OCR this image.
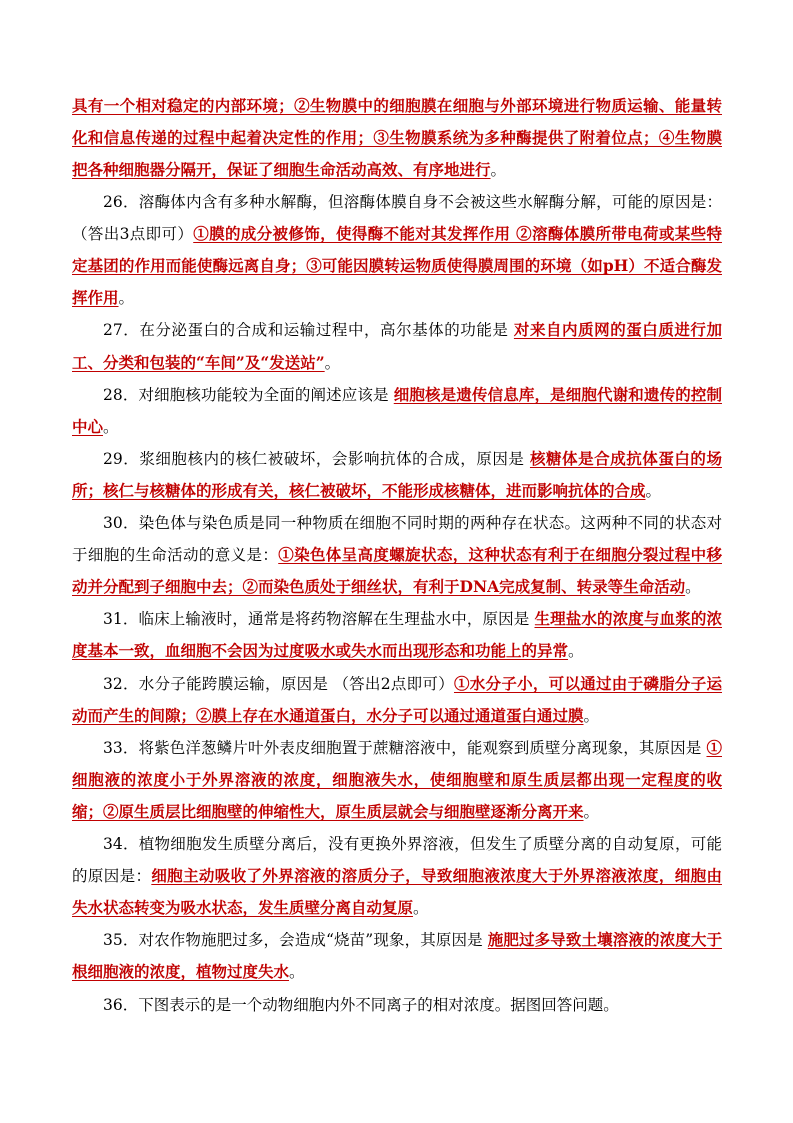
具有一个相对稳定的内部环境；②生物膜中的细胞膜在细胞与外部环境进行物质运输、能量转化和信息传递的过程中起着决定性的作用；③生物膜系统为多种酶提供了附着位点；④生物膜把各种细胞器分隔开，保证了细胞生命活动高效、有序地进行。

26．溶酶体内含有多种水解酶，但溶酶体膜自身不会被这些水解酶分解，可能的原因是：（答出3点即可）①膜的成分被修饰，使得酶不能对其发挥作用 ②溶酶体膜所带电荷或某些特定基团的作用而能使酶远离自身；③可能因膜转运物质使得膜周围的环境（如pH）不适合酶发挥作用。

27．在分泌蛋白的合成和运输过程中，高尔基体的功能是 对来自内质网的蛋白质进行加工、分类和包装的“车间”及“发送站”。

28．对细胞核功能较为全面的阐述应该是 细胞核是遗传信息库，是细胞代谢和遗传的控制中心。

29．浆细胞核内的核仁被破坏，会影响抗体的合成，原因是 核糖体是合成抗体蛋白的场所；核仁与核糖体的形成有关，核仁被破坏，不能形成核糖体，进而影响抗体的合成。

30．染色体与染色质是同一种物质在细胞不同时期的两种存在状态。这两种不同的状态对于细胞的生命活动的意义是：①染色体呈高度螺旋状态，这种状态有利于在细胞分裂过程中移动并分配到子细胞中去；②而染色质处于细丝状，有利于DNA完成复制、转录等生命活动。

31．临床上输液时，通常是将药物溶解在生理盐水中，原因是 生理盐水的浓度与血浆的浓度基本一致，血细胞不会因为过度吸水或失水而出现形态和功能上的异常。

32．水分子能跨膜运输，原因是 （答出2点即可）①水分子小，可以通过由于磷脂分子运动而产生的间隙；②膜上存在水通道蛋白，水分子可以通过通道蛋白通过膜。

33．将紫色洋葱鳞片叶外表皮细胞置于蔗糖溶液中，能观察到质壁分离现象，其原因是 ①细胞液的浓度小于外界溶液的浓度，细胞液失水，使细胞壁和原生质层都出现一定程度的收缩；②原生质层比细胞壁的伸缩性大，原生质层就会与细胞壁逐渐分离开来。

34．植物细胞发生质壁分离后，没有更换外界溶液，但发生了质壁分离的自动复原，可能的原因是：细胞主动吸收了外界溶液的溶质分子，导致细胞液浓度大于外界溶液浓度，细胞由失水状态转变为吸水状态，发生质壁分离自动复原。

35．对农作物施肥过多，会造成“烧苗”现象，其原因是 施肥过多导致土壤溶液的浓度大于根细胞液的浓度，植物过度失水。

36．下图表示的是一个动物细胞内外不同离子的相对浓度。据图回答问题。
